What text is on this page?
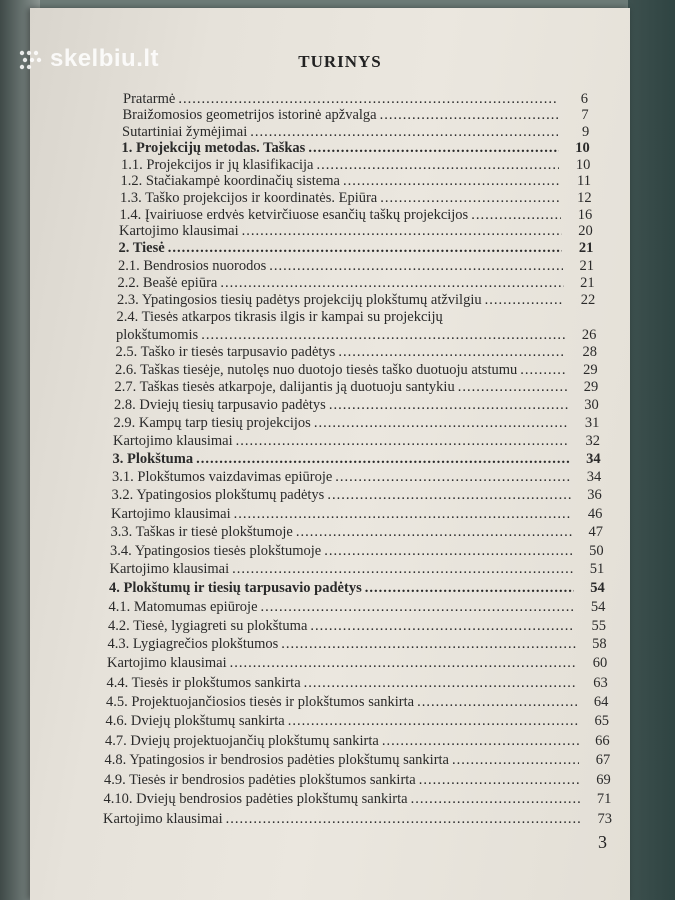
skelbiu.lt	TURINYS
Pratarmė .....	6
Braižomosios geometrijos istorinė apžvalga .....	7
Sutartiniai žymėjimai .....	9
1. Projekcijų metodas. Taškas .....	10
1.1. Projekcijos ir jų klasifikacija .....	10
1.2. Stačiakampė koordinačių sistema .....	11
1.3. Taško projekcijos ir koordinatės. Epiūra .....	12
1.4. Įvairiuose erdvės ketvirčiuose esančių taškų projekcijos .....	16
Kartojimo klausimai .....	20
2. Tiesė .....	21
2.1. Bendrosios nuorodos .....	21
2.2. Beašė epiūra .....	21
2.3. Ypatingosios tiesių padėtys projekcijų plokštumų atžvilgiu .....	22
2.4. Tiesės atkarpos tikrasis ilgis ir kampai su projekcijų
plokštumomis .....	26
2.5. Taško ir tiesės tarpusavio padėtys .....	28
2.6. Taškas tiesėje, nutolęs nuo duotojo tiesės taško duotuoju atstumu .....	29
2.7. Taškas tiesės atkarpoje, dalijantis ją duotuoju santykiu .....	29
2.8. Dviejų tiesių tarpusavio padėtys .....	30
2.9. Kampų tarp tiesių projekcijos .....	31
Kartojimo klausimai .....	32
3. Plokštuma .....	34
3.1. Plokštumos vaizdavimas epiūroje .....	34
3.2. Ypatingosios plokštumų padėtys .....	36
Kartojimo klausimai .....	46
3.3. Taškas ir tiesė plokštumoje .....	47
3.4. Ypatingosios tiesės plokštumoje .....	50
Kartojimo klausimai .....	51
4. Plokštumų ir tiesių tarpusavio padėtys .....	54
4.1. Matomumas epiūroje .....	54
4.2. Tiesė, lygiagreti su plokštuma .....	55
4.3. Lygiagrečios plokštumos .....	58
Kartojimo klausimai .....	60
4.4. Tiesės ir plokštumos sankirta .....	63
4.5. Projektuojančiosios tiesės ir plokštumos sankirta .....	64
4.6. Dviejų plokštumų sankirta .....	65
4.7. Dviejų projektuojančių plokštumų sankirta .....	66
4.8. Ypatingosios ir bendrosios padėties plokštumų sankirta .....	67
4.9. Tiesės ir bendrosios padėties plokštumos sankirta .....	69
4.10. Dviejų bendrosios padėties plokštumų sankirta .....	71
Kartojimo klausimai .....	73
3
